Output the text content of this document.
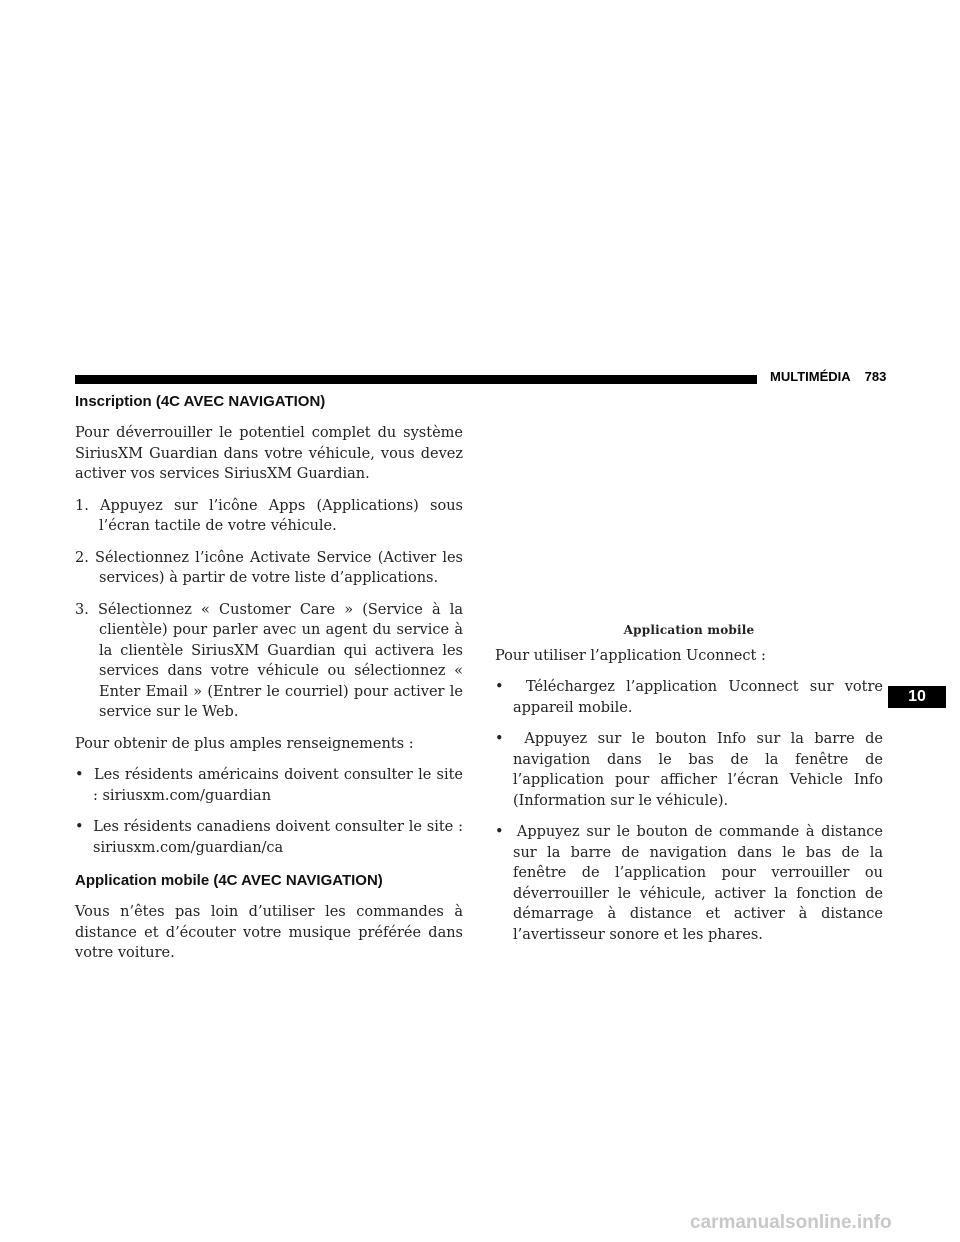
MULTIMÉDIA 783
10
Inscription (4C AVEC NAVIGATION)

Pour déverrouiller le potentiel complet du système SiriusXM Guardian dans votre véhicule, vous devez activer vos services SiriusXM Guardian.

1. Appuyez sur l’icône Apps (Applications) sous l’écran tactile de votre véhicule.
2. Sélectionnez l’icône Activate Service (Activer les services) à partir de votre liste d’applications.
3. Sélectionnez « Customer Care » (Service à la clientèle) pour parler avec un agent du service à la clientèle SiriusXM Guardian qui activera les services dans votre véhicule ou sélectionnez « Enter Email » (Entrer le courriel) pour activer le service sur le Web.

Pour obtenir de plus amples renseignements :

•  Les résidents américains doivent consulter le site : siriusxm.com/guardian
•  Les résidents canadiens doivent consulter le site : siriusxm.com/guardian/ca
Application mobile (4C AVEC NAVIGATION)

Vous n’êtes pas loin d’utiliser les commandes à distance et d’écouter votre musique préférée dans votre voiture.

Application mobile

Pour utiliser l’application Uconnect :

•  Téléchargez l’application Uconnect sur votre appareil mobile.
•  Appuyez sur le bouton Info sur la barre de navigation dans le bas de la fenêtre de l’application pour afficher l’écran Vehicle Info (Information sur le véhicule).
•  Appuyez sur le bouton de commande à distance sur la barre de navigation dans le bas de la fenêtre de l’application pour verrouiller ou déverrouiller le véhicule, activer la fonction de démarrage à distance et activer à distance l’avertisseur sonore et les phares.
carmanualsonline.info
